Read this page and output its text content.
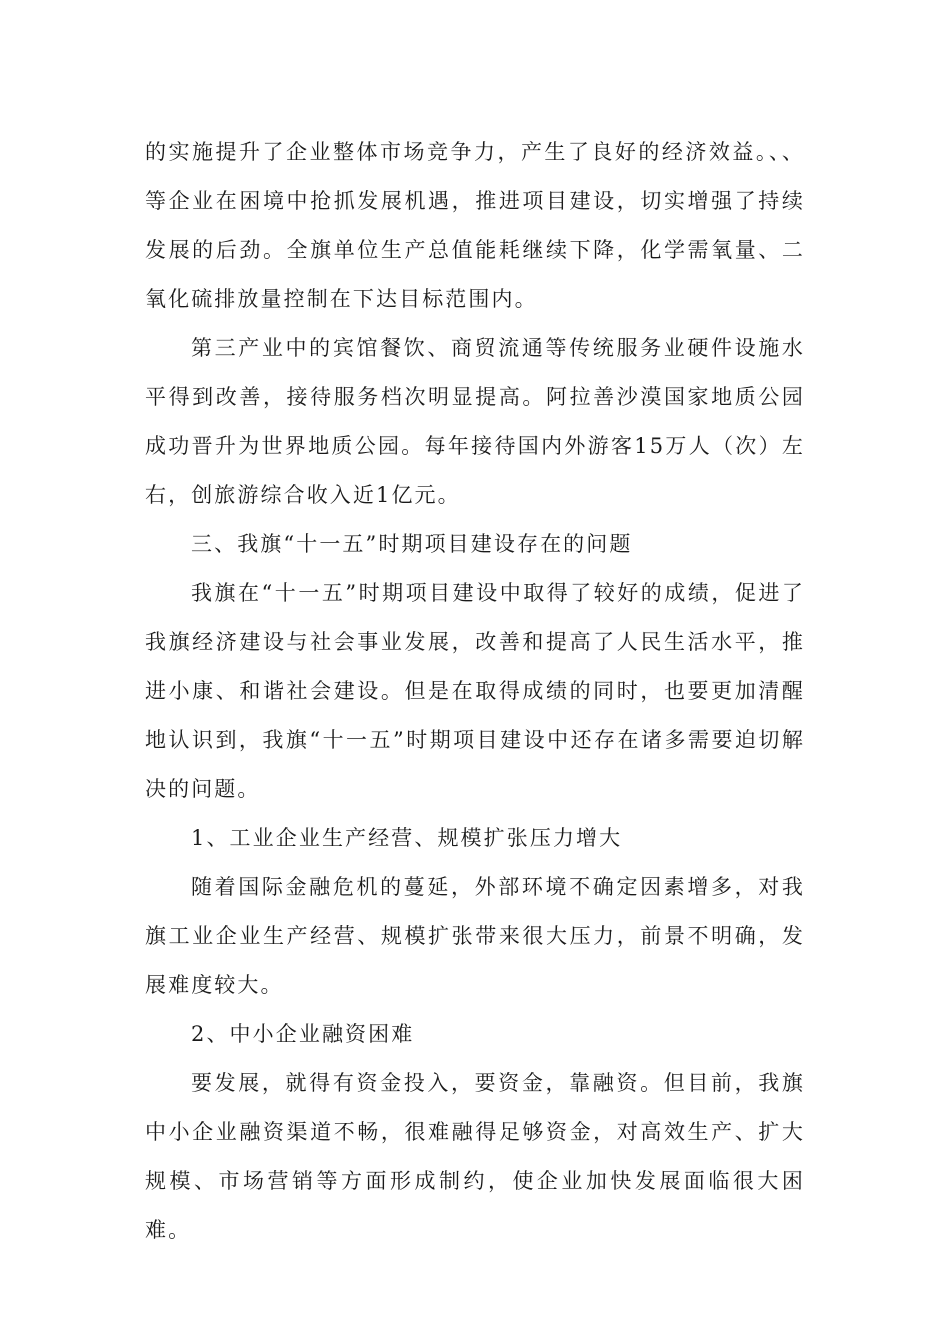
的实施提升了企业整体市场竞争力，产生了良好的经济效益。、、等企业在困境中抢抓发展机遇，推进项目建设，切实增强了持续发展的后劲。全旗单位生产总值能耗继续下降，化学需氧量、二氧化硫排放量控制在下达目标范围内。

第三产业中的宾馆餐饮、商贸流通等传统服务业硬件设施水平得到改善，接待服务档次明显提高。阿拉善沙漠国家地质公园成功晋升为世界地质公园。每年接待国内外游客15万人（次）左右，创旅游综合收入近1亿元。

三、我旗“十一五”时期项目建设存在的问题

我旗在“十一五”时期项目建设中取得了较好的成绩，促进了我旗经济建设与社会事业发展，改善和提高了人民生活水平，推进小康、和谐社会建设。但是在取得成绩的同时，也要更加清醒地认识到，我旗“十一五”时期项目建设中还存在诸多需要迫切解决的问题。

1、工业企业生产经营、规模扩张压力增大

随着国际金融危机的蔓延，外部环境不确定因素增多，对我旗工业企业生产经营、规模扩张带来很大压力，前景不明确，发展难度较大。

2、中小企业融资困难

要发展，就得有资金投入，要资金，靠融资。但目前，我旗中小企业融资渠道不畅，很难融得足够资金，对高效生产、扩大规模、市场营销等方面形成制约，使企业加快发展面临很大困难。
